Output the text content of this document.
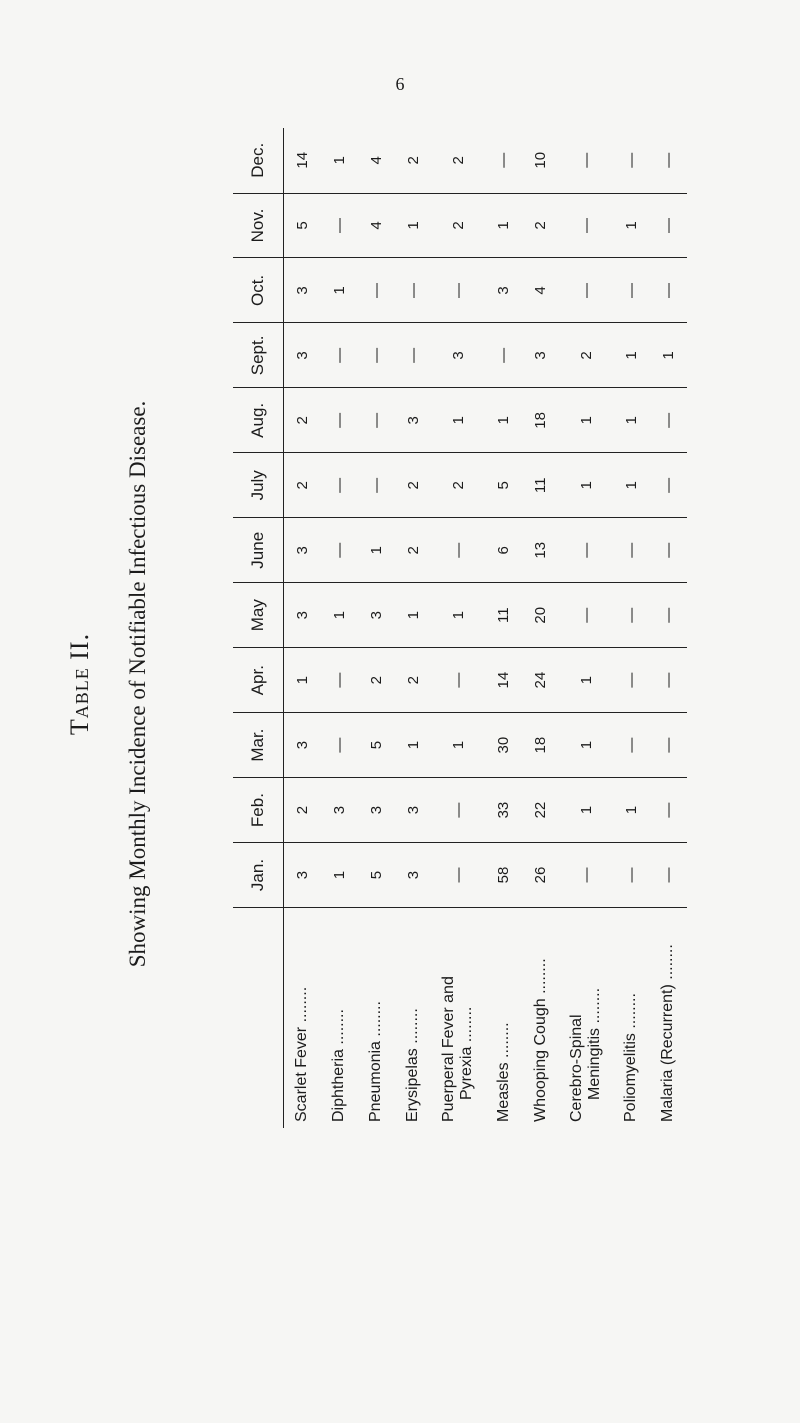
6
Table II.	Showing Monthly Incidence of Notifiable Infectious Disease.
		Jan.	Feb.	Mar.	Apr.	May	June	July	Aug.	Sept.	Oct.	Nov.	Dec.

Scarlet Fever ........	3	2	3	1	3	3	2	2	3	3	5	14

Diphtheria ........	1	3	—	—	1	—	—	—	—	1	—	1

Pneumonia ........	5	3	5	2	3	1	—	—	—	—	4	4

Erysipelas ........	3	3	1	2	1	2	2	3	—	—	1	2

Puerperal Fever and Pyrexia ........	—	—	1	—	1	—	2	1	3	—	2	2

Measles ........	58	33	30	14	11	6	5	1	—	3	1	—

Whooping Cough ........	26	22	18	24	20	13	11	18	3	4	2	10

Cerebro-Spinal Meningitis ........	—	1	1	1	—	—	1	1	2	—	—	—

Poliomyelitis ........	—	1	—	—	—	—	1	1	1	—	1	—

Malaria (Recurrent) ........	—	—	—	—	—	—	—	—	1	—	—	—
